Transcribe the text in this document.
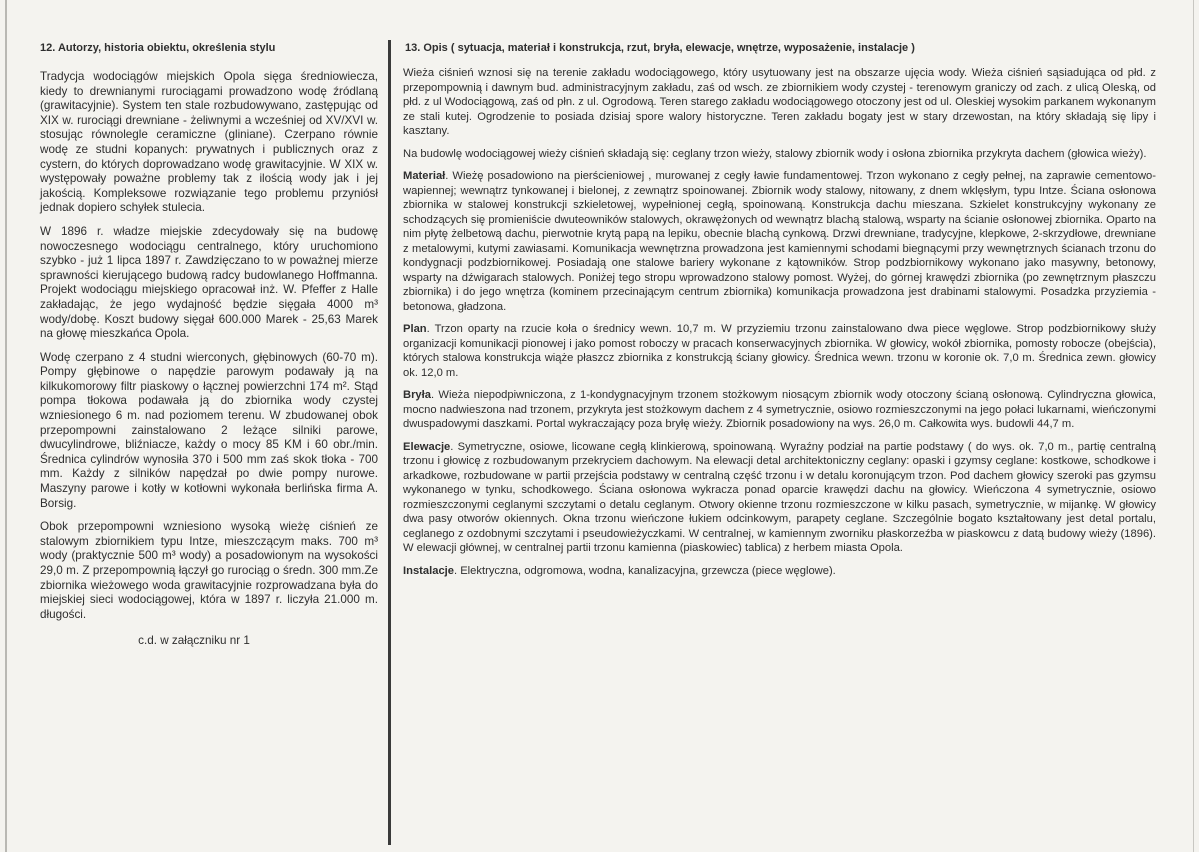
12. Autorzy, historia obiektu, określenia stylu

Tradycja wodociągów miejskich Opola sięga średniowiecza, kiedy to drewnianymi rurociągami prowadzono wodę źródlaną (grawitacyjnie). System ten stale rozbudowywano, zastępując od XIX w. rurociągi drewniane - żeliwnymi a wcześniej od XV/XVI w. stosując równolegle ceramiczne (gliniane). Czerpano równie wodę ze studni kopanych: prywatnych i publicznych oraz z cystern, do których doprowadzano wodę grawitacyjnie. W XIX w. występowały poważne problemy tak z ilością wody jak i jej jakością. Kompleksowe rozwiązanie tego problemu przyniósł jednak dopiero schyłek stulecia.

W 1896 r. władze miejskie zdecydowały się na budowę nowoczesnego wodociągu centralnego, który uruchomiono szybko - już 1 lipca 1897 r. Zawdzięczano to w poważnej mierze sprawności kierującego budową radcy budowlanego Hoffmanna. Projekt wodociągu miejskiego opracował inż. W. Pfeffer z Halle zakładając, że jego wydajność będzie sięgała 4000 m³ wody/dobę. Koszt budowy sięgał 600.000 Marek - 25,63 Marek na głowę mieszkańca Opola.

Wodę czerpano z 4 studni wierconych, głębinowych (60-70 m). Pompy głębinowe o napędzie parowym podawały ją na kilkukomorowy filtr piaskowy o łącznej powierzchni 174 m². Stąd pompa tłokowa podawała ją do zbiornika wody czystej wzniesionego 6 m. nad poziomem terenu. W zbudowanej obok przepompowni zainstalowano 2 leżące silniki parowe, dwucylindrowe, bliźniacze, każdy o mocy 85 KM i 60 obr./min. Średnica cylindrów wynosiła 370 i 500 mm zaś skok tłoka - 700 mm. Każdy z silników napędzał po dwie pompy nurowe. Maszyny parowe i kotły w kotłowni wykonała berlińska firma A. Borsig.

Obok przepompowni wzniesiono wysoką wieżę ciśnień ze stalowym zbiornikiem typu Intze, mieszczącym maks. 700 m³ wody (praktycznie 500 m³ wody) a posadowionym na wysokości 29,0 m. Z przepompownią łączył go rurociąg o średn. 300 mm.Ze zbiornika wieżowego woda grawitacyjnie rozprowadzana była do miejskiej sieci wodociągowej, która w 1897 r. liczyła 21.000 m. długości.

c.d. w załączniku nr 1
13. Opis ( sytuacja, materiał i konstrukcja, rzut, bryła, elewacje, wnętrze, wyposażenie, instalacje )

Wieża ciśnień wznosi się na terenie zakładu wodociągowego, który usytuowany jest na obszarze ujęcia wody. Wieża ciśnień sąsiadująca od płd. z przepompownią i dawnym bud. administracyjnym zakładu, zaś od wsch. ze zbiornikiem wody czystej - terenowym graniczy od zach. z ulicą Oleską, od płd. z ul Wodociągową, zaś od płn. z ul. Ogrodową. Teren starego zakładu wodociągowego otoczony jest od ul. Oleskiej wysokim parkanem wykonanym ze stali kutej. Ogrodzenie to posiada dzisiaj spore walory historyczne. Teren zakładu bogaty jest w stary drzewostan, na który składają się lipy i kasztany.

Na budowlę wodociągowej wieży ciśnień składają się: ceglany trzon wieży, stalowy zbiornik wody i osłona zbiornika przykryta dachem (głowica wieży).

Materiał. Wieżę posadowiono na pierścieniowej , murowanej z cegły ławie fundamentowej. Trzon wykonano z cegły pełnej, na zaprawie cementowo-wapiennej; wewnątrz tynkowanej i bielonej, z zewnątrz spoinowanej. Zbiornik wody stalowy, nitowany, z dnem wklęsłym, typu Intze. Ściana osłonowa zbiornika w stalowej konstrukcji szkieletowej, wypełnionej cegłą, spoinowaną. Konstrukcja dachu mieszana. Szkielet konstrukcyjny wykonany ze schodzących się promieniście dwuteowników stalowych, okrawężonych od wewnątrz blachą stalową, wsparty na ścianie osłonowej zbiornika. Oparto na nim płytę żelbetową dachu, pierwotnie krytą papą na lepiku, obecnie blachą cynkową. Drzwi drewniane, tradycyjne, klepkowe, 2-skrzydłowe, drewniane z metalowymi, kutymi zawiasami. Komunikacja wewnętrzna prowadzona jest kamiennymi schodami biegnącymi przy wewnętrznych ścianach trzonu do kondygnacji podzbiornikowej. Posiadają one stalowe bariery wykonane z kątowników. Strop podzbiornikowy wykonano jako masywny, betonowy, wsparty na dźwigarach stalowych. Poniżej tego stropu wprowadzono stalowy pomost. Wyżej, do górnej krawędzi zbiornika (po zewnętrznym płaszczu zbiornika) i do jego wnętrza (kominem przecinającym centrum zbiornika) komunikacja prowadzona jest drabinami stalowymi. Posadzka przyziemia - betonowa, gładzona.

Plan. Trzon oparty na rzucie koła o średnicy wewn. 10,7 m. W przyziemiu trzonu zainstalowano dwa piece węglowe. Strop podzbiornikowy służy organizacji komunikacji pionowej i jako pomost roboczy w pracach konserwacyjnych zbiornika. W głowicy, wokół zbiornika, pomosty robocze (obejścia), których stalowa konstrukcja wiąże płaszcz zbiornika z konstrukcją ściany głowicy. Średnica wewn. trzonu w koronie ok. 7,0 m. Średnica zewn. głowicy ok. 12,0 m.

Bryła. Wieża niepodpiwniczona, z 1-kondygnacyjnym trzonem stożkowym niosącym zbiornik wody otoczony ścianą osłonową. Cylindryczna głowica, mocno nadwieszona nad trzonem, przykryta jest stożkowym dachem z 4 symetrycznie, osiowo rozmieszczonymi na jego połaci lukarnami, wieńczonymi dwuspadowymi daszkami. Portal wykraczający poza bryłę wieży. Zbiornik posadowiony na wys. 26,0 m. Całkowita wys. budowli 44,7 m.

Elewacje. Symetryczne, osiowe, licowane cegłą klinkierową, spoinowaną. Wyraźny podział na partie podstawy ( do wys. ok. 7,0 m., partię centralną trzonu i głowicę z rozbudowanym przekryciem dachowym. Na elewacji detal architektoniczny ceglany: opaski i gzymsy ceglane: kostkowe, schodkowe i arkadkowe, rozbudowane w partii przejścia podstawy w centralną część trzonu i w detalu koronującym trzon. Pod dachem głowicy szeroki pas gzymsu wykonanego w tynku, schodkowego. Ściana osłonowa wykracza ponad oparcie krawędzi dachu na głowicy. Wieńczona 4 symetrycznie, osiowo rozmieszczonymi ceglanymi szczytami o detalu ceglanym. Otwory okienne trzonu rozmieszczone w kilku pasach, symetrycznie, w mijankę. W głowicy dwa pasy otworów okiennych. Okna trzonu wieńczone łukiem odcinkowym, parapety ceglane. Szczególnie bogato kształtowany jest detal portalu, ceglanego z ozdobnymi szczytami i pseudowieżyczkami. W centralnej, w kamiennym zworniku płaskorzeźba w piaskowcu z datą budowy wieży (1896). W elewacji głównej, w centralnej partii trzonu kamienna (piaskowiec) tablica) z herbem miasta Opola.

Instalacje. Elektryczna, odgromowa, wodna, kanalizacyjna, grzewcza (piece węglowe).
